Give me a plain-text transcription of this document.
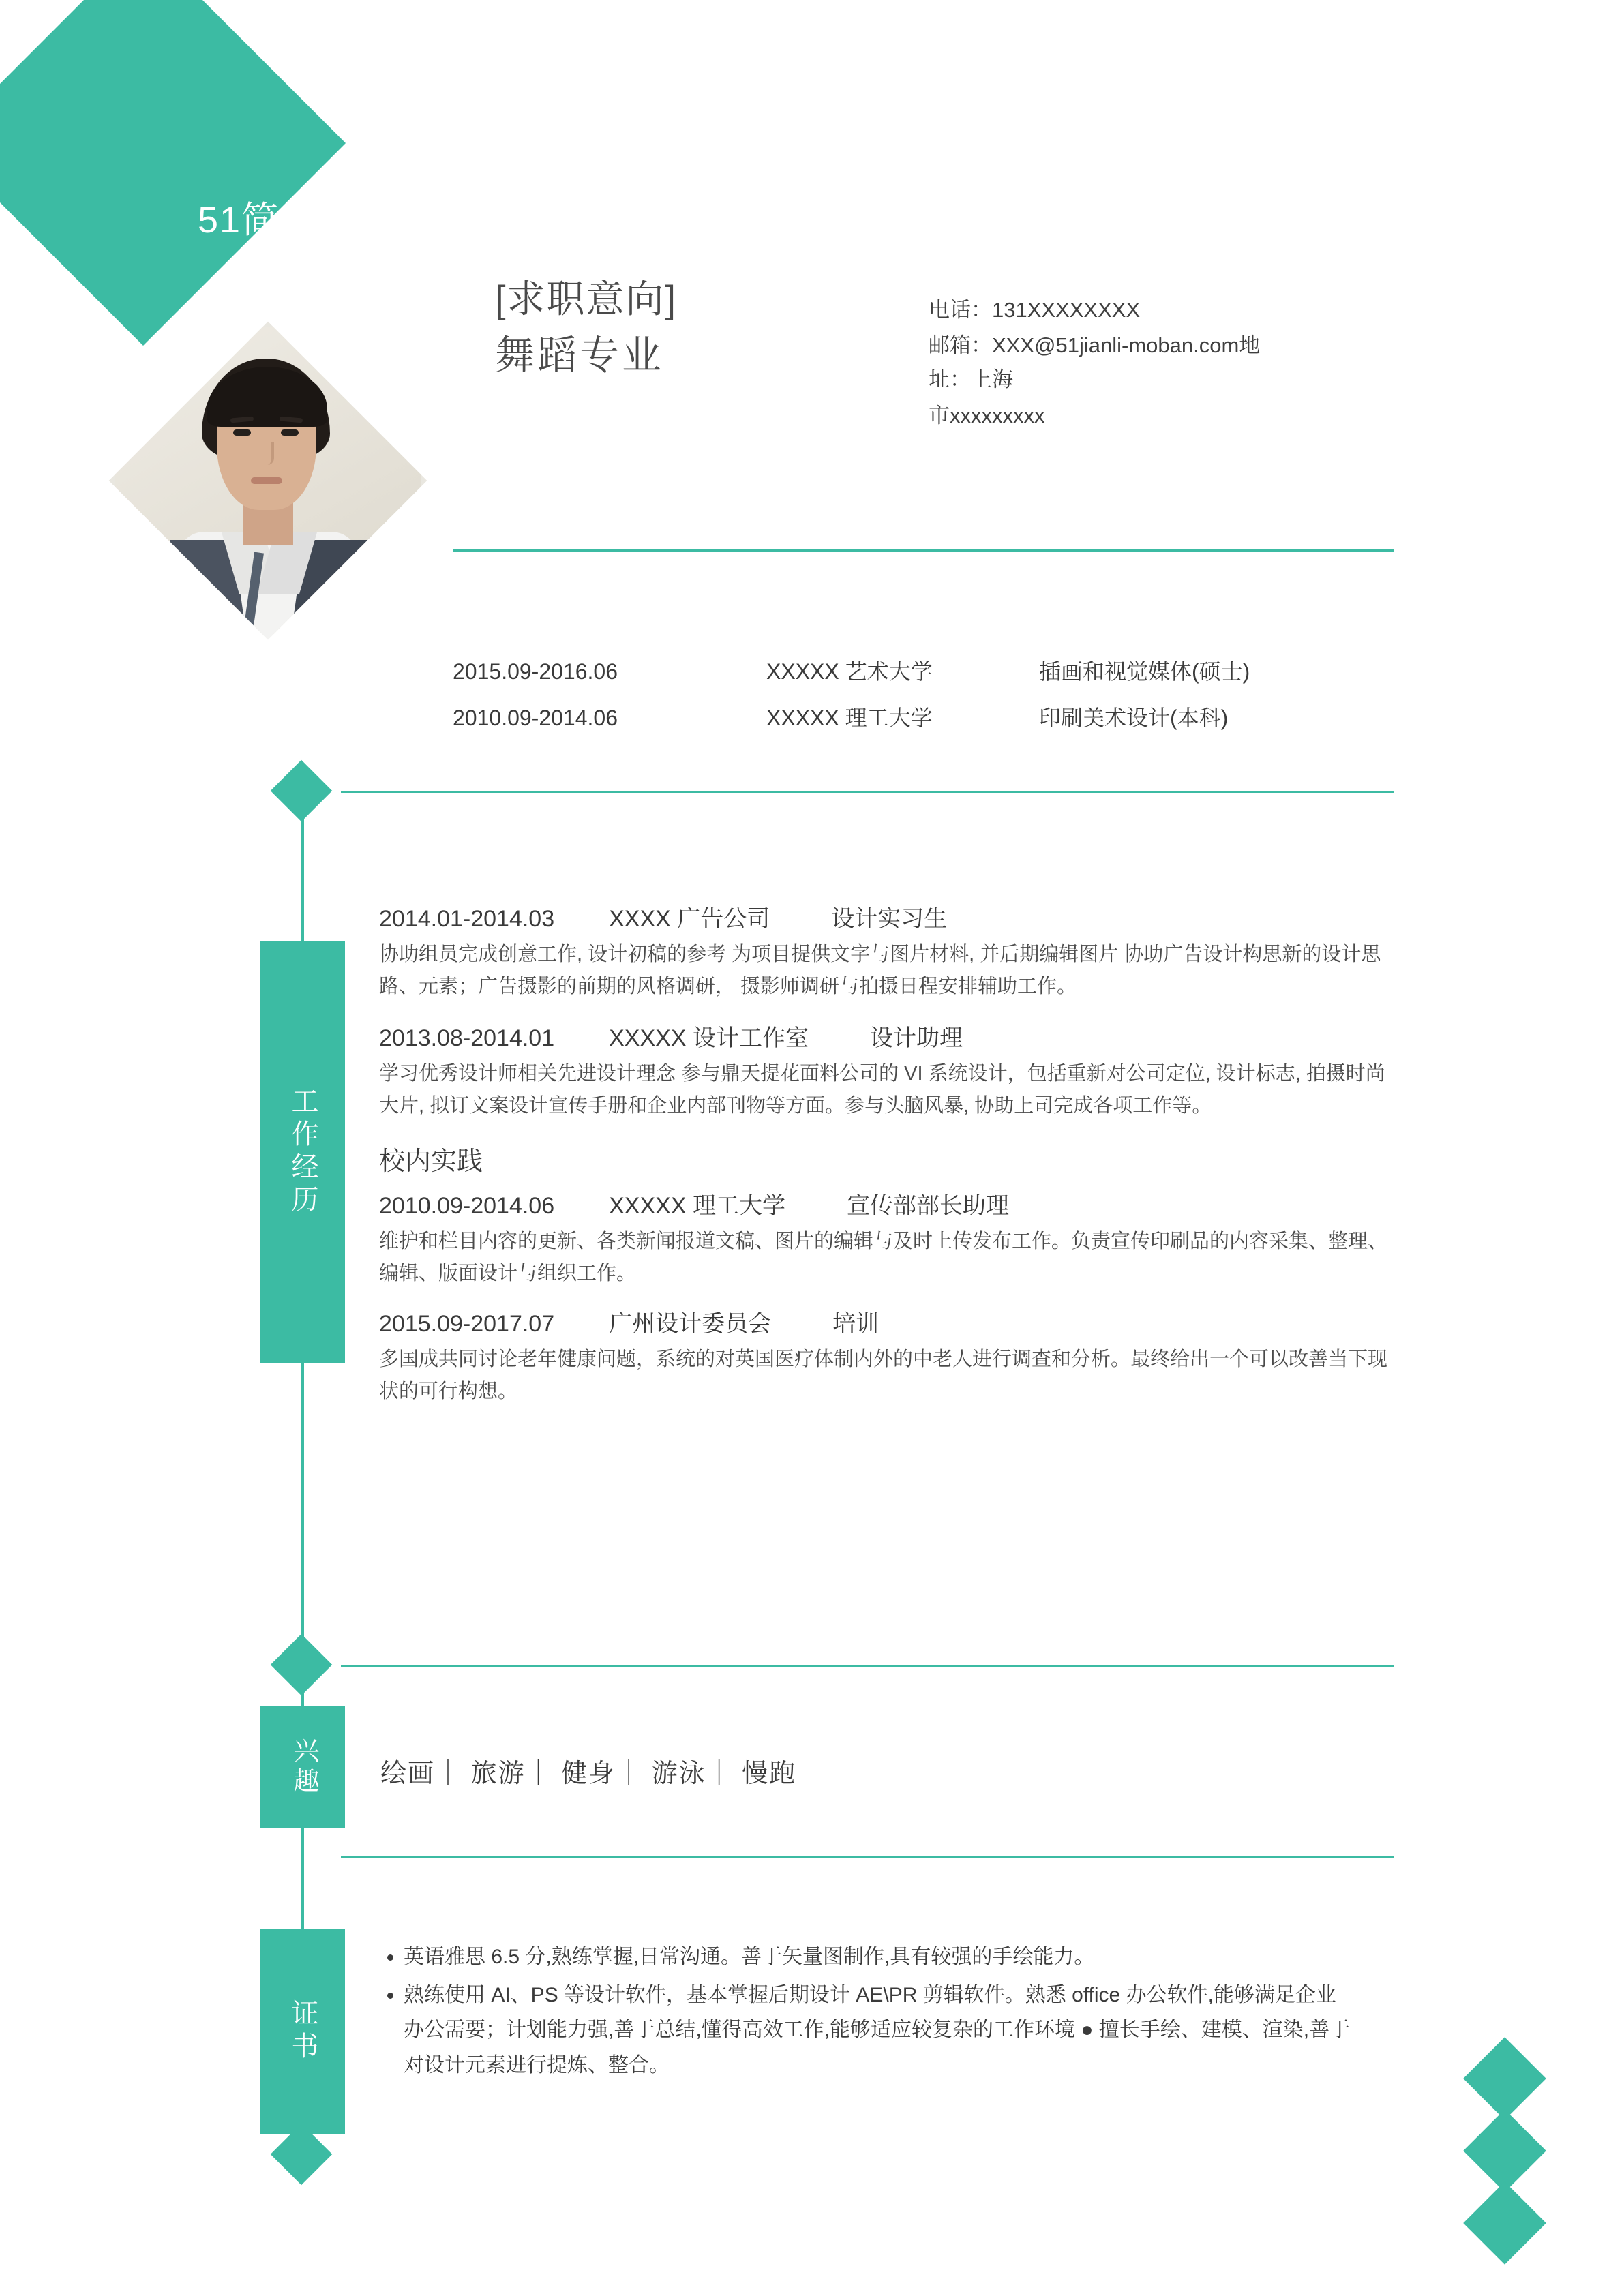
51简历—
[求职意向]
舞蹈专业
电话：131XXXXXXXX
邮箱：XXX@51jianli-moban.com地址：上海
市xxxxxxxxx
2015.09-2016.06	XXXXX 艺术大学	插画和视觉媒体(硕士)
2010.09-2014.06	XXXXX 理工大学	印刷美术设计(本科)
工作经历
2014.01-2014.03 XXXX 广告公司	设计实习生
协助组员完成创意工作, 设计初稿的参考 为项目提供文字与图片材料, 并后期编辑图片 协助广告设计构思新的设计思路、元素；广告摄影的前期的风格调研， 摄影师调研与拍摄日程安排辅助工作。
2013.08-2014.01 XXXXX 设计工作室	设计助理
学习优秀设计师相关先进设计理念 参与鼎天提花面料公司的 VI 系统设计，包括重新对公司定位, 设计标志, 拍摄时尚大片, 拟订文案设计宣传手册和企业内部刊物等方面。参与头脑风暴, 协助上司完成各项工作等。
校内实践
2010.09-2014.06 XXXXX 理工大学	宣传部部长助理
维护和栏目内容的更新、各类新闻报道文稿、图片的编辑与及时上传发布工作。负责宣传印刷品的内容采集、整理、编辑、版面设计与组织工作。
2015.09-2017.07 广州设计委员会	培训
多国成共同讨论老年健康问题，系统的对英国医疗体制内外的中老人进行调查和分析。最终给出一个可以改善当下现状的可行构想。
兴趣 绘画｜ 旅游｜ 健身｜ 游泳｜ 慢跑
证书
• 英语雅思 6.5 分,熟练掌握,日常沟通。善于矢量图制作,具有较强的手绘能力。
• 熟练使用 AI、PS 等设计软件，基本掌握后期设计 AE\PR 剪辑软件。熟悉 office 办公软件,能够满足企业办公需要；计划能力强,善于总结,懂得高效工作,能够适应较复杂的工作环境 ● 擅长手绘、建模、渲染,善于对设计元素进行提炼、整合。
